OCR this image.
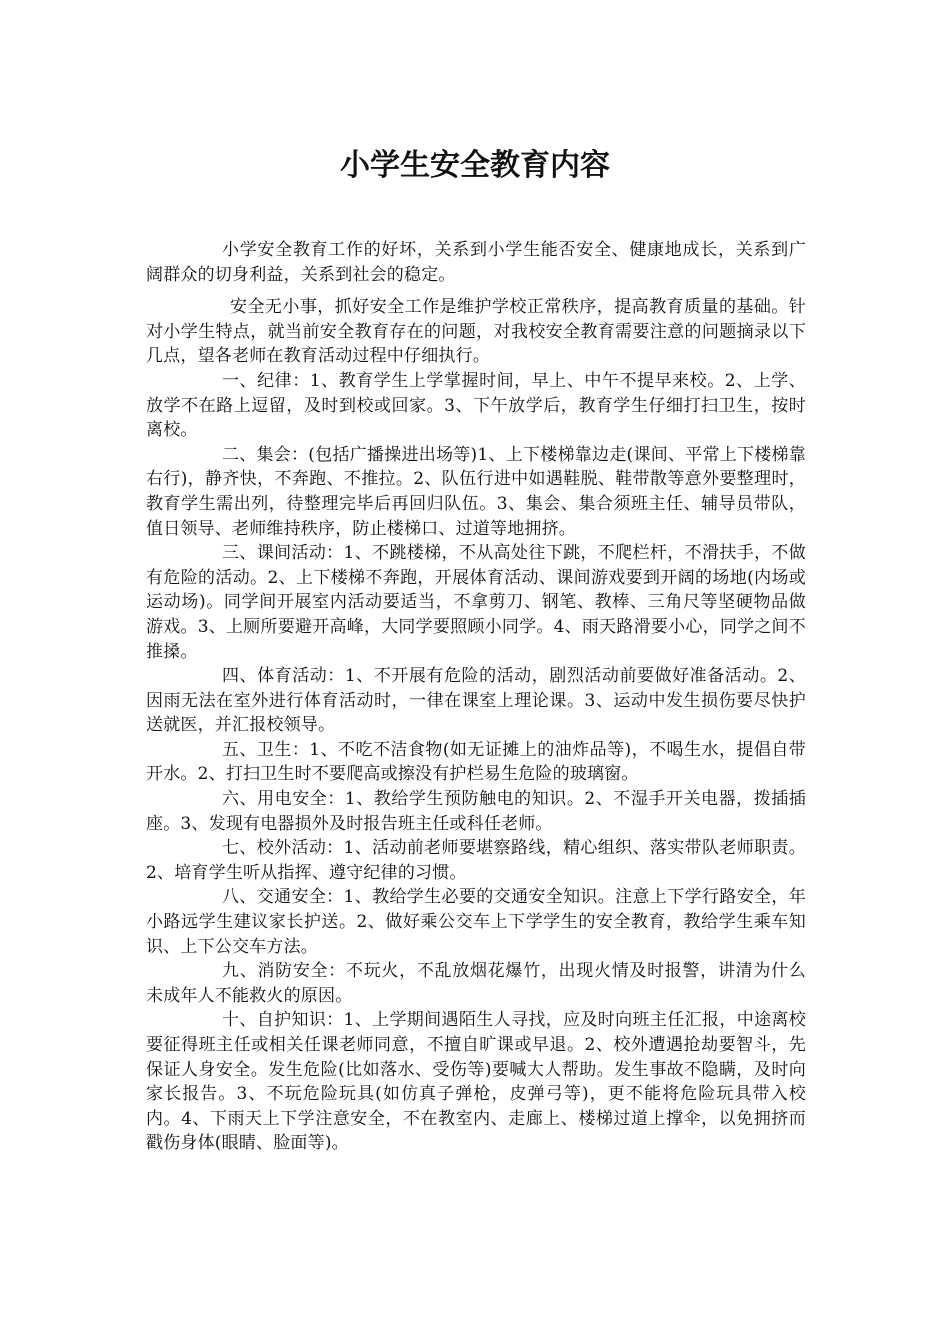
小学生安全教育内容

小学安全教育工作的好坏，关系到小学生能否安全、健康地成长，关系到广阔群众的切身利益，关系到社会的稳定。

安全无小事，抓好安全工作是维护学校正常秩序，提高教育质量的基础。针对小学生特点，就当前安全教育存在的问题，对我校安全教育需要注意的问题摘录以下几点，望各老师在教育活动过程中仔细执行。

一、纪律：1、教育学生上学掌握时间，早上、中午不提早来校。2、上学、放学不在路上逗留，及时到校或回家。3、下午放学后，教育学生仔细打扫卫生，按时离校。

二、集会：(包括广播操进出场等)1、上下楼梯靠边走(课间、平常上下楼梯靠右行)，静齐快，不奔跑、不推拉。2、队伍行进中如遇鞋脱、鞋带散等意外要整理时，教育学生需出列，待整理完毕后再回归队伍。3、集会、集合须班主任、辅导员带队，值日领导、老师维持秩序，防止楼梯口、过道等地拥挤。

三、课间活动：1、不跳楼梯，不从高处往下跳，不爬栏杆，不滑扶手，不做有危险的活动。2、上下楼梯不奔跑，开展体育活动、课间游戏要到开阔的场地(内场或运动场)。同学间开展室内活动要适当，不拿剪刀、钢笔、教棒、三角尺等坚硬物品做游戏。3、上厕所要避开高峰，大同学要照顾小同学。4、雨天路滑要小心，同学之间不推搡。

四、体育活动：1、不开展有危险的活动，剧烈活动前要做好准备活动。2、因雨无法在室外进行体育活动时，一律在课室上理论课。3、运动中发生损伤要尽快护送就医，并汇报校领导。

五、卫生：1、不吃不洁食物(如无证摊上的油炸品等)，不喝生水，提倡自带开水。2、打扫卫生时不要爬高或擦没有护栏易生危险的玻璃窗。

六、用电安全：1、教给学生预防触电的知识。2、不湿手开关电器，拨插插座。3、发现有电器损外及时报告班主任或科任老师。

七、校外活动：1、活动前老师要堪察路线，精心组织、落实带队老师职责。2、培育学生听从指挥、遵守纪律的习惯。

八、交通安全：1、教给学生必要的交通安全知识。注意上下学行路安全，年小路远学生建议家长护送。2、做好乘公交车上下学学生的安全教育，教给学生乘车知识、上下公交车方法。

九、消防安全：不玩火，不乱放烟花爆竹，出现火情及时报警，讲清为什么未成年人不能救火的原因。

十、自护知识：1、上学期间遇陌生人寻找，应及时向班主任汇报，中途离校要征得班主任或相关任课老师同意，不擅自旷课或早退。2、校外遭遇抢劫要智斗，先保证人身安全。发生危险(比如落水、受伤等)要喊大人帮助。发生事故不隐瞒，及时向家长报告。3、不玩危险玩具(如仿真子弹枪，皮弹弓等)，更不能将危险玩具带入校内。4、下雨天上下学注意安全，不在教室内、走廊上、楼梯过道上撑伞，以免拥挤而戳伤身体(眼睛、脸面等)。
